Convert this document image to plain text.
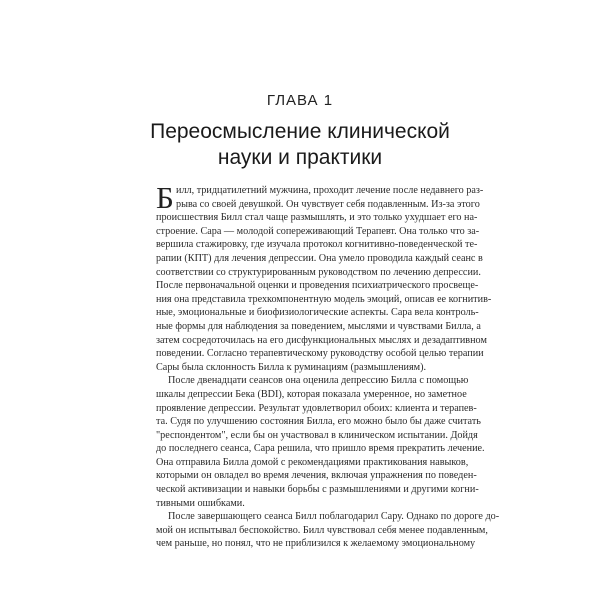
ГЛАВА 1
Переосмысление клинической
науки и практики
Б илл, тридцатилетний мужчина, проходит лечение после недавнего раз-
рыва со своей девушкой. Он чувствует себя подавленным. Из-за этого
происшествия Билл стал чаще размышлять, и это только ухудшает его на-
строение. Сара — молодой сопереживающий Терапевт. Она только что за-
вершила стажировку, где изучала протокол когнитивно-поведенческой те-
рапии (КПТ) для лечения депрессии. Она умело проводила каждый сеанс в
соответствии со структурированным руководством по лечению депрессии.
После первоначальной оценки и проведения психиатрического просвеще-
ния она представила трехкомпонентную модель эмоций, описав ее когнитив-
ные, эмоциональные и биофизиологические аспекты. Сара вела контроль-
ные формы для наблюдения за поведением, мыслями и чувствами Билла, а
затем сосредоточилась на его дисфункциональных мыслях и дезадаптивном
поведении. Согласно терапевтическому руководству особой целью терапии
Сары была склонность Билла к руминациям (размышлениям).
После двенадцати сеансов она оценила депрессию Билла с помощью
шкалы депрессии Бека (BDI), которая показала умеренное, но заметное
проявление депрессии. Результат удовлетворил обоих: клиента и терапев-
та. Судя по улучшению состояния Билла, его можно было бы даже считать
"респондентом", если бы он участвовал в клиническом испытании. Дойдя
до последнего сеанса, Сара решила, что пришло время прекратить лечение.
Она отправила Билла домой с рекомендациями практикования навыков,
которыми он овладел во время лечения, включая упражнения по поведен-
ческой активизации и навыки борьбы с размышлениями и другими когни-
тивными ошибками.
После завершающего сеанса Билл поблагодарил Сару. Однако по дороге до-
мой он испытывал беспокойство. Билл чувствовал себя менее подавленным,
чем раньше, но понял, что не приблизился к желаемому эмоциональному
